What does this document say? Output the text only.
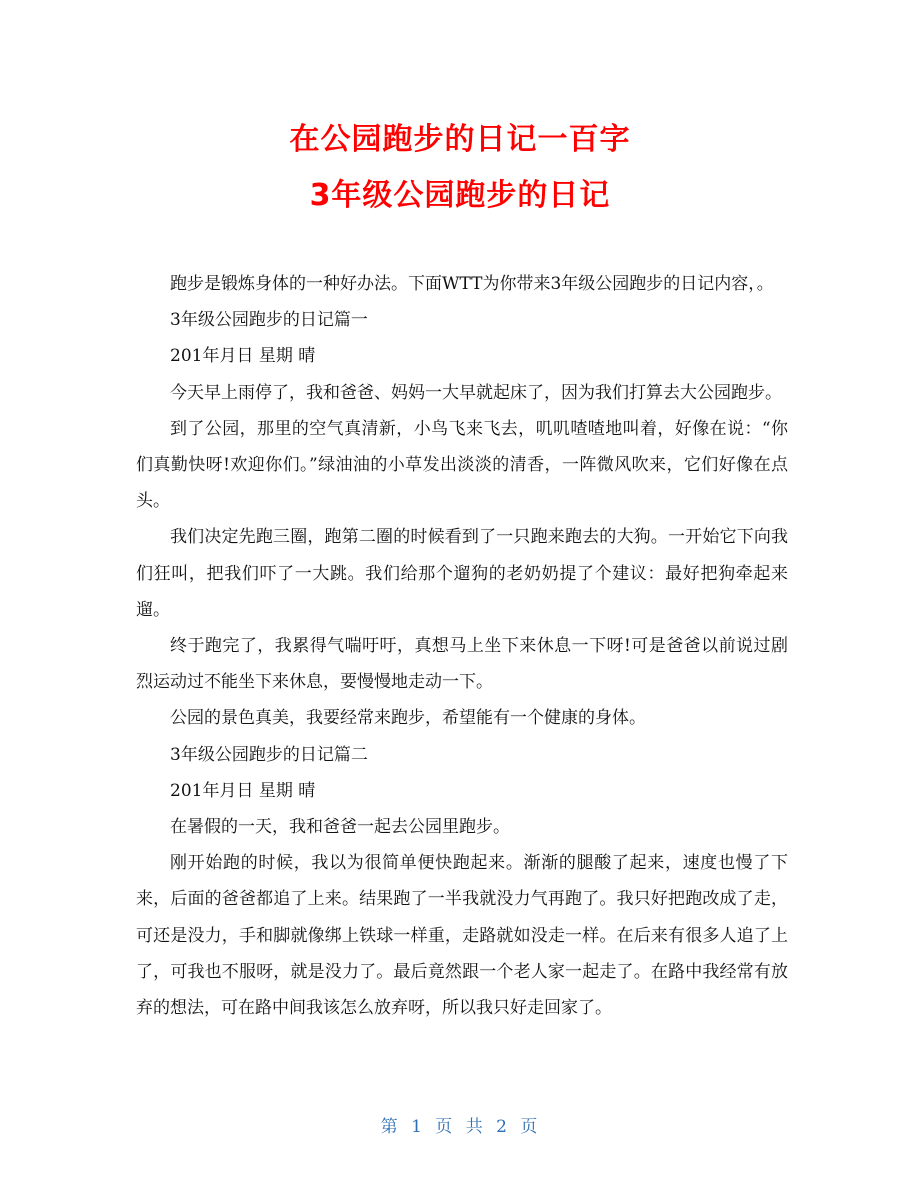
在公园跑步的日记一百字
3年级公园跑步的日记

跑步是锻炼身体的一种好办法。下面WTT为你带来3年级公园跑步的日记内容，。

3年级公园跑步的日记篇一

201年月日 星期 晴

今天早上雨停了，我和爸爸、妈妈一大早就起床了，因为我们打算去大公园跑步。

到了公园，那里的空气真清新，小鸟飞来飞去，叽叽喳喳地叫着，好像在说：“你们真勤快呀!欢迎你们。”绿油油的小草发出淡淡的清香，一阵微风吹来，它们好像在点头。

我们决定先跑三圈，跑第二圈的时候看到了一只跑来跑去的大狗。一开始它下向我们狂叫，把我们吓了一大跳。我们给那个遛狗的老奶奶提了个建议：最好把狗牵起来遛。

终于跑完了，我累得气喘吁吁，真想马上坐下来休息一下呀!可是爸爸以前说过剧烈运动过不能坐下来休息，要慢慢地走动一下。

公园的景色真美，我要经常来跑步，希望能有一个健康的身体。

3年级公园跑步的日记篇二

201年月日 星期 晴

在暑假的一天，我和爸爸一起去公园里跑步。

刚开始跑的时候，我以为很简单便快跑起来。渐渐的腿酸了起来，速度也慢了下来，后面的爸爸都追了上来。结果跑了一半我就没力气再跑了。我只好把跑改成了走，可还是没力，手和脚就像绑上铁球一样重，走路就如没走一样。在后来有很多人追了上了，可我也不服呀，就是没力了。最后竟然跟一个老人家一起走了。在路中我经常有放弃的想法，可在路中间我该怎么放弃呀，所以我只好走回家了。

第 1 页 共 2 页
